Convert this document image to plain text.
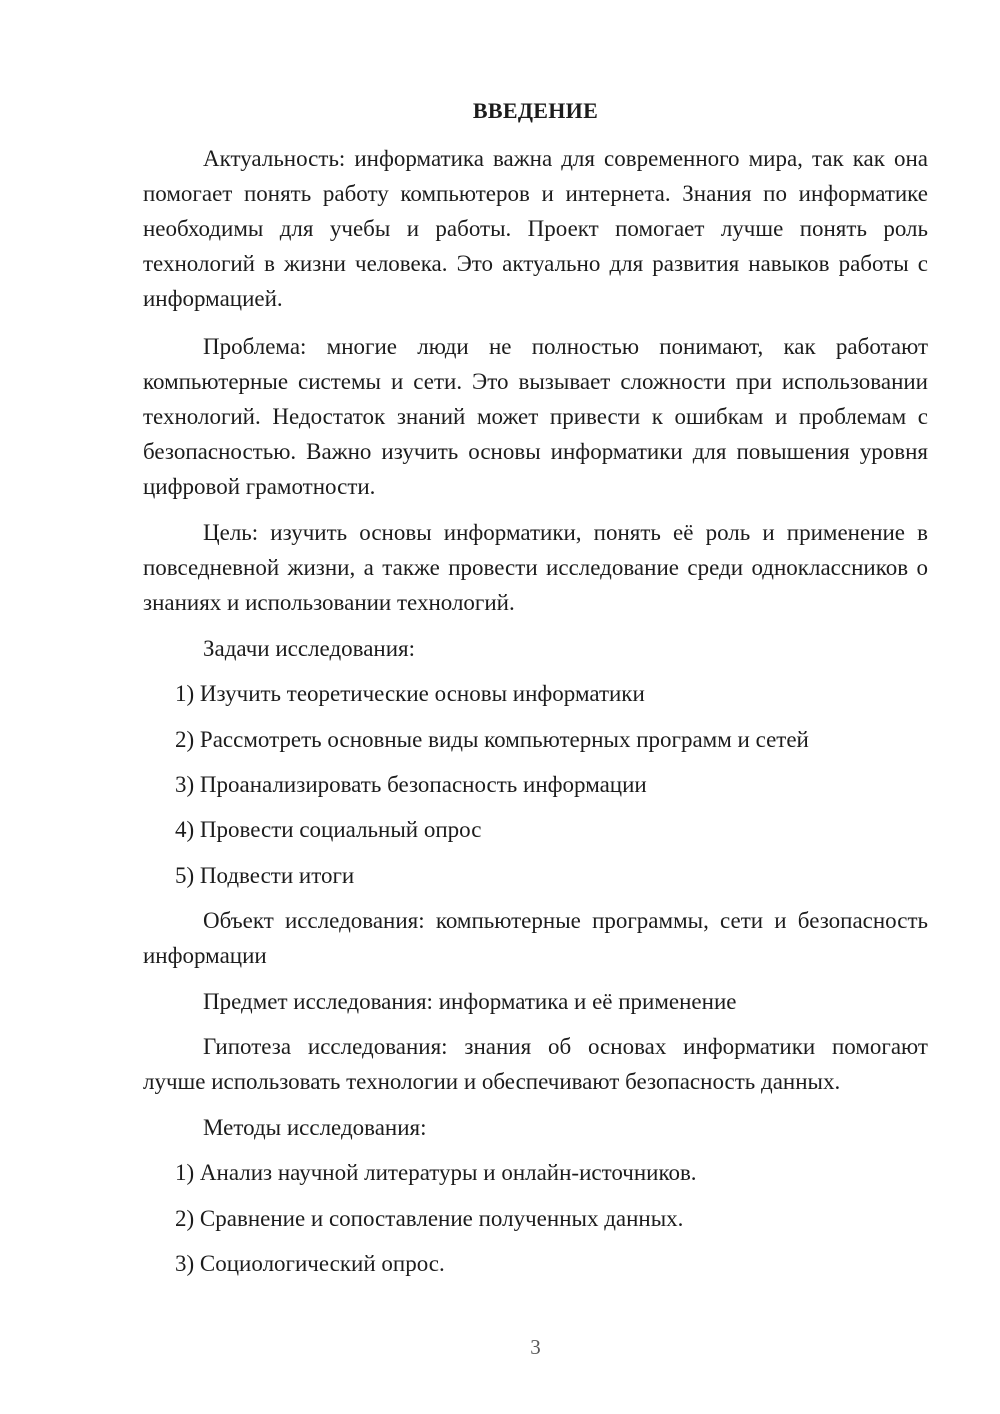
ВВЕДЕНИЕ

Актуальность: информатика важна для современного мира, так как она помогает понять работу компьютеров и интернета. Знания по информатике необходимы для учебы и работы. Проект помогает лучше понять роль технологий в жизни человека. Это актуально для развития навыков работы с информацией.

Проблема: многие люди не полностью понимают, как работают компьютерные системы и сети. Это вызывает сложности при использовании технологий. Недостаток знаний может привести к ошибкам и проблемам с безопасностью. Важно изучить основы информатики для повышения уровня цифровой грамотности.

Цель: изучить основы информатики, понять её роль и применение в повседневной жизни, а также провести исследование среди одноклассников о знаниях и использовании технологий.

Задачи исследования:
1) Изучить теоретические основы информатики
2) Рассмотреть основные виды компьютерных программ и сетей
3) Проанализировать безопасность информации
4) Провести социальный опрос
5) Подвести итоги

Объект исследования: компьютерные программы, сети и безопасность информации

Предмет исследования: информатика и её применение

Гипотеза исследования: знания об основах информатики помогают лучше использовать технологии и обеспечивают безопасность данных.

Методы исследования:
1) Анализ научной литературы и онлайн-источников.
2) Сравнение и сопоставление полученных данных.
3) Социологический опрос.
3
